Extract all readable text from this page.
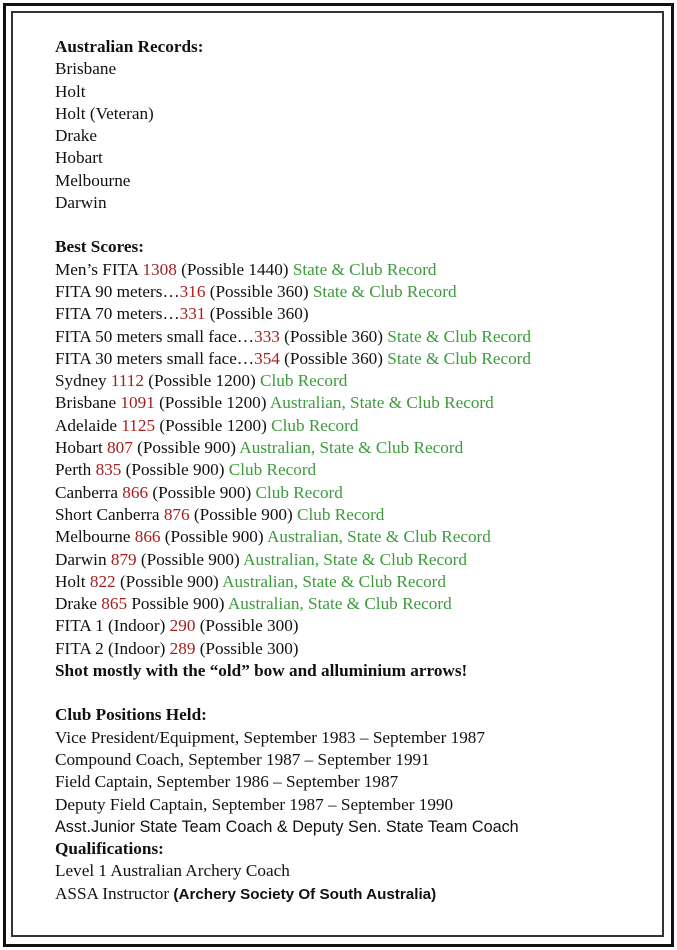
Australian Records:
Brisbane
Holt
Holt (Veteran)
Drake
Hobart
Melbourne
Darwin
Best Scores:
Men’s FITA 1308 (Possible 1440) State & Club Record
FITA 90 meters…316 (Possible 360) State & Club Record
FITA 70 meters…331 (Possible 360)
FITA 50 meters small face…333 (Possible 360) State & Club Record
FITA 30 meters small face…354 (Possible 360) State & Club Record
Sydney 1112 (Possible 1200) Club Record
Brisbane 1091 (Possible 1200) Australian, State & Club Record
Adelaide 1125 (Possible 1200) Club Record
Hobart 807 (Possible 900) Australian, State & Club Record
Perth 835 (Possible 900) Club Record
Canberra 866 (Possible 900) Club Record
Short Canberra 876 (Possible 900) Club Record
Melbourne 866 (Possible 900) Australian, State & Club Record
Darwin 879 (Possible 900) Australian, State & Club Record
Holt 822 (Possible 900) Australian, State & Club Record
Drake 865 Possible 900) Australian, State & Club Record
FITA 1 (Indoor) 290 (Possible 300)
FITA 2 (Indoor) 289 (Possible 300)
Shot mostly with the “old” bow and alluminium arrows!
Club Positions Held:
Vice President/Equipment, September 1983 – September 1987
Compound Coach, September 1987 – September 1991
Field Captain, September 1986 – September 1987
Deputy Field Captain, September 1987 – September 1990
Asst.Junior State Team Coach & Deputy Sen. State Team Coach
Qualifications:
Level 1 Australian Archery Coach
ASSA Instructor (Archery Society Of South Australia)
